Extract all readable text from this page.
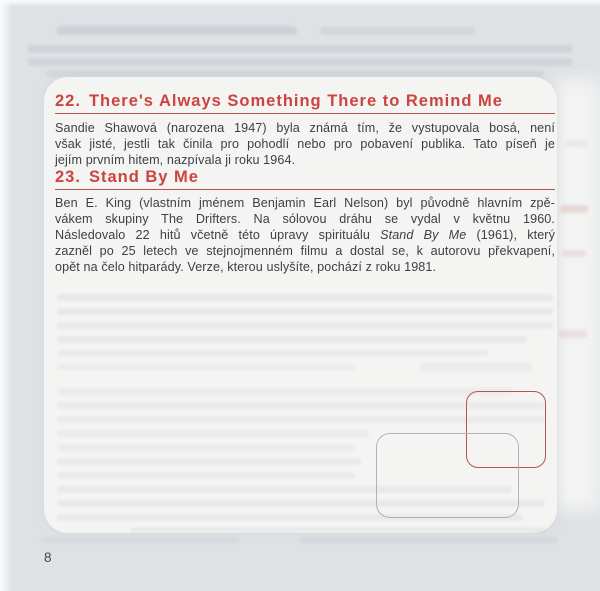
22. There's Always Something There to Remind Me

Sandie Shawová (narozena 1947) byla známá tím, že vystupovala bosá, není

však jisté, jestli tak činila pro pohodlí nebo pro pobavení publika. Tato píseň je

jejím prvním hitem, nazpívala ji roku 1964.

23. Stand By Me

Ben E. King (vlastním jménem Benjamin Earl Nelson) byl původně hlavním zpě-

vákem skupiny The Drifters. Na sólovou dráhu se vydal v květnu 1960.

Následovalo 22 hitů včetně této úpravy spirituálu Stand By Me (1961), který

zazněl po 25 letech ve stejnojmenném filmu a dostal se, k autorovu překvapení,

opět na čelo hitparády. Verze, kterou uslyšíte, pochází z roku 1981.

8
